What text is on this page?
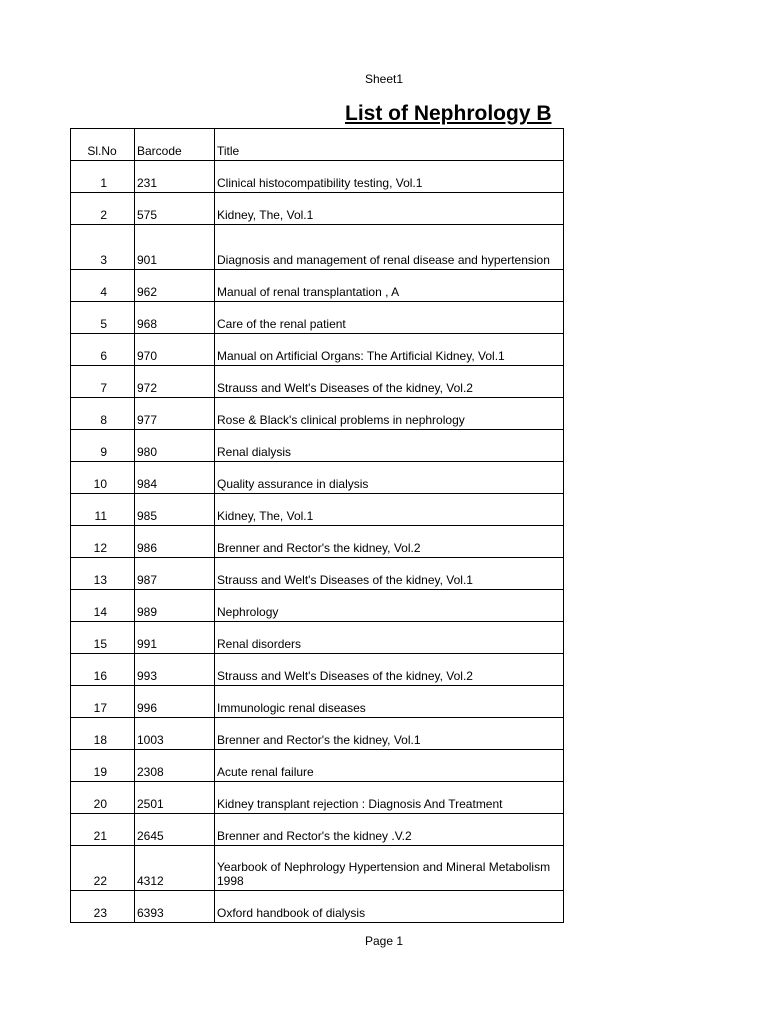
Sheet1
List of Nephrology B
Sl.No	Barcode	Title
1	231	Clinical histocompatibility testing, Vol.1
2	575	Kidney, The, Vol.1
3	901	Diagnosis and management of renal disease and hypertension
4	962	Manual of renal transplantation , A
5	968	Care of the renal patient
6	970	Manual on Artificial Organs: The Artificial Kidney, Vol.1
7	972	Strauss and Welt's Diseases of the kidney, Vol.2
8	977	Rose & Black's clinical problems in nephrology
9	980	Renal dialysis
10	984	Quality assurance in dialysis
11	985	Kidney, The, Vol.1
12	986	Brenner and Rector's the kidney, Vol.2
13	987	Strauss and Welt's Diseases of the kidney, Vol.1
14	989	Nephrology
15	991	Renal disorders
16	993	Strauss and Welt's Diseases of the kidney, Vol.2
17	996	Immunologic renal diseases
18	1003	Brenner and Rector's the kidney, Vol.1
19	2308	Acute renal failure
20	2501	Kidney transplant rejection : Diagnosis And Treatment
21	2645	Brenner and Rector's the kidney .V.2
22	4312	Yearbook of Nephrology Hypertension and Mineral Metabolism 1998
23	6393	Oxford handbook of dialysis
Page 1
